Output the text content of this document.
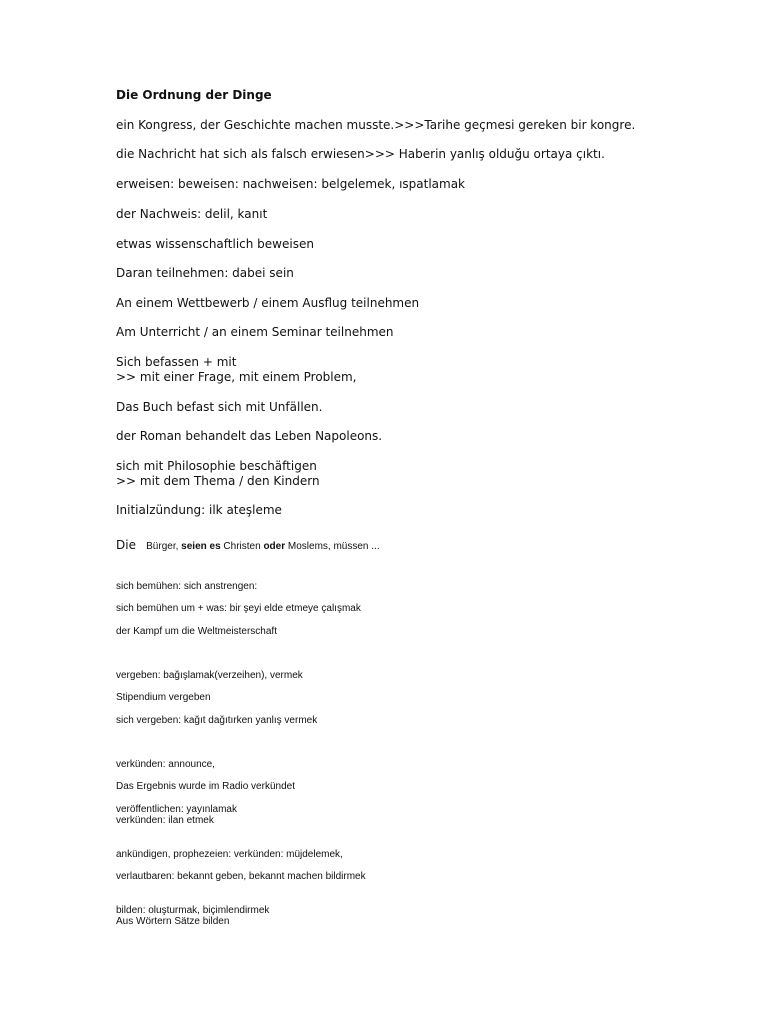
Die Ordnung der Dinge
ein Kongress, der Geschichte machen musste.>>>Tarihe geçmesi gereken bir kongre.
die Nachricht hat sich als falsch erwiesen>>> Haberin yanlış olduğu ortaya çıktı.
erweisen: beweisen: nachweisen: belgelemek, ıspatlamak
der Nachweis: delil, kanıt
etwas wissenschaftlich beweisen
Daran teilnehmen: dabei sein
An einem Wettbewerb / einem Ausflug teilnehmen
Am Unterricht / an einem Seminar teilnehmen
Sich befassen + mit
>> mit einer Frage, mit einem Problem,
Das Buch befast sich mit Unfällen.
der Roman behandelt das Leben Napoleons.
sich mit Philosophie beschäftigen
>> mit dem Thema / den Kindern
Initialzündung: ilk ateşleme
Die Bürger, seien es Christen oder Moslems, müssen ...
sich bemühen: sich anstrengen:
sich bemühen um + was: bir şeyi elde etmeye çalışmak
der Kampf um die Weltmeisterschaft
vergeben: bağışlamak(verzeihen), vermek
Stipendium vergeben
sich vergeben: kağıt dağıtırken yanlış vermek
verkünden: announce,
Das Ergebnis wurde im Radio verkündet
veröffentlichen: yayınlamak
verkünden: ilan etmek
ankündigen, prophezeien: verkünden: müjdelemek,
verlautbaren: bekannt geben, bekannt machen bildirmek
bilden: oluşturmak, biçimlendirmek
Aus Wörtern Sätze bilden
